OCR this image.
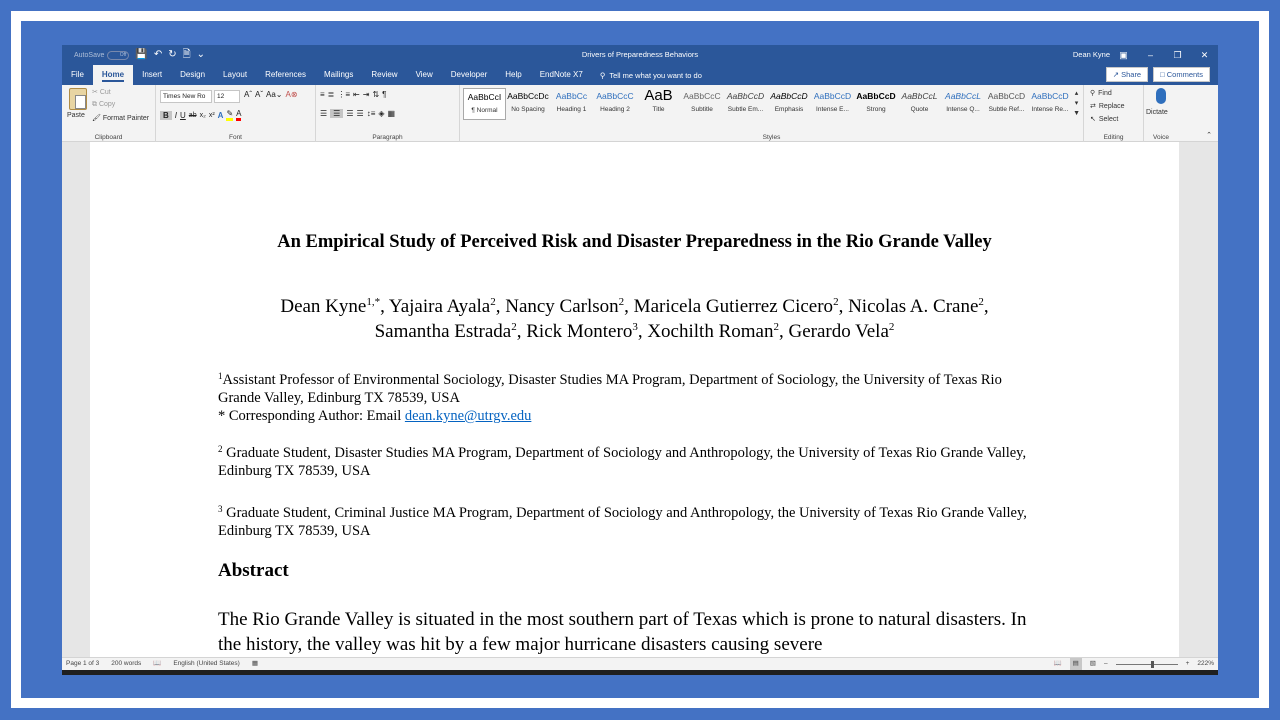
AutoSave	Off 💾 ↶ ↻ 🗎 ⌄	Drivers of Preparedness Behaviors	Dean Kyne	▣	–	❐	✕
File	Home	Insert	Design	Layout	References	Mailings	Review	View	Developer	Help	EndNote X7	⚲ Tell me what you want to do	↗ Share	□ Comments
Paste
✂ Cut
⧉ Copy
🖌 Format Painter
Clipboard
Times New Ro	12	Aˆ Aˇ Aa⌄ A⊗
B I U ab x₂ x² A ✎ A
Font
≡ ≣ ⋮≡ ⇤ ⇥ ⇅ ¶
☰ ☰ ☰ ☰ ↕≡ ◈ ▦
Paragraph
AaBbCcI
¶ Normal
AaBbCcDc
No Spacing
AaBbCc
Heading 1
AaBbCcC
Heading 2
AaB
Title
AaBbCcC
Subtitle
AaBbCcD
Subtle Em...
AaBbCcD
Emphasis
AaBbCcD
Intense E...
AaBbCcD
Strong
AaBbCcL
Quote
AaBbCcL
Intense Q...
AaBbCcD
Subtle Ref...
AaBbCcD
Intense Re...
▴
▾
▼
Styles
⚲ Find
⇄ Replace
↖ Select
Editing
Dictate
Voice	⌃
An Empirical Study of Perceived Risk and Disaster Preparedness in the Rio Grande Valley
Dean Kyne$^{1,*}$, Yajaira Ayala$^2$, Nancy Carlson$^2$, Maricela Gutierrez Cicero$^2$, Nicolas A. Crane$^2$,
Samantha Estrada$^2$, Rick Montero$^3$, Xochilth Roman$^2$, Gerardo Vela$^2$
$^1$Assistant Professor of Environmental Sociology, Disaster Studies MA Program, Department of Sociology, the University of Texas Rio Grande Valley, Edinburg TX 78539, USA
* Corresponding Author: Email dean.kyne@utrgv.edu
$^2$ Graduate Student, Disaster Studies MA Program, Department of Sociology and Anthropology, the University of Texas Rio Grande Valley, Edinburg TX 78539, USA
$^3$ Graduate Student, Criminal Justice MA Program, Department of Sociology and Anthropology, the University of Texas Rio Grande Valley, Edinburg TX 78539, USA
Abstract
The Rio Grande Valley is situated in the most southern part of Texas which is prone to natural disasters. In the history, the valley was hit by a few major hurricane disasters causing severe
Page 1 of 3 200 words 📖 English (United States) ▦	📖	▤	▧ –	+ 222%
